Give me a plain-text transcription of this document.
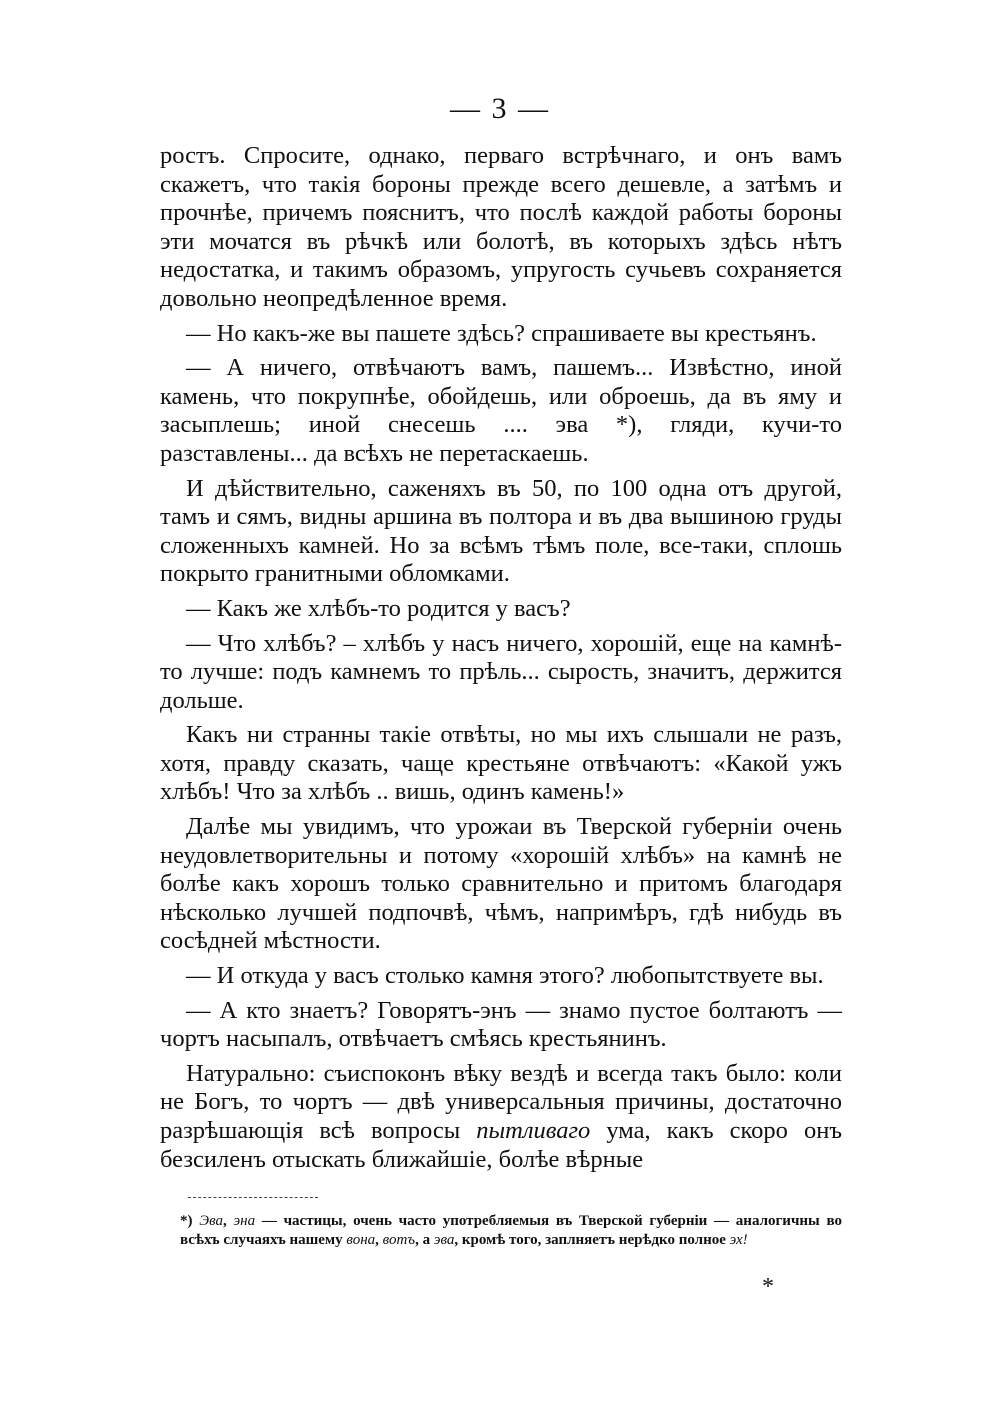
— 3 —

ростъ. Спросите, однако, перваго встрѣчнаго, и онъ вамъ скажетъ, что такія бороны прежде всего дешевле, а затѣмъ и прочнѣе, причемъ пояснитъ, что послѣ каждой работы бороны эти мочатся въ рѣчкѣ или болотѣ, въ которыхъ здѣсь нѣтъ недостатка, и такимъ образомъ, упругость сучьевъ сохраняется довольно неопредѣленное время.

— Но какъ-же вы пашете здѣсь? спрашиваете вы крестьянъ.

— А ничего, отвѣчаютъ вамъ, пашемъ... Извѣстно, иной камень, что покрупнѣе, обойдешь, или оброешь, да въ яму и засыплешь; иной снесешь .... эва *), гляди, кучи-то разставлены... да всѣхъ не перетаскаешь.

И дѣйствительно, саженяхъ въ 50, по 100 одна отъ другой, тамъ и сямъ, видны аршина въ полтора и въ два вышиною груды сложенныхъ камней. Но за всѣмъ тѣмъ поле, все-таки, сплошь покрыто гранитными обломками.

— Какъ же хлѣбъ-то родится у васъ?

— Что хлѣбъ? – хлѣбъ у насъ ничего, хорошій, еще на камнѣ-то лучше: подъ камнемъ то прѣль... сырость, значитъ, держится дольше.

Какъ ни странны такіе отвѣты, но мы ихъ слышали не разъ, хотя, правду сказать, чаще крестьяне отвѣчаютъ: «Какой ужъ хлѣбъ! Что за хлѣбъ .. вишь, одинъ камень!»

Далѣе мы увидимъ, что урожаи въ Тверской губерніи очень неудовлетворительны и потому «хорошій хлѣбъ» на камнѣ не болѣе какъ хорошъ только сравнительно и притомъ благодаря нѣсколько лучшей подпочвѣ, чѣмъ, напримѣръ, гдѣ нибудь въ сосѣдней мѣстности.

— И откуда у васъ столько камня этого? любопытствуете вы.

— А кто знаетъ? Говорятъ-энъ — знамо пустое болтаютъ — чортъ насыпалъ, отвѣчаетъ смѣясь крестьянинъ.

Натурально: съиспоконъ вѣку вездѣ и всегда такъ было: коли не Богъ, то чортъ — двѣ универсальныя причины, достаточно разрѣшающія всѣ вопросы пытливаго ума, какъ скоро онъ безсиленъ отыскать ближайшіе, болѣе вѣрные

*) Эва, эна — частицы, очень часто употребляемыя въ Тверской губерніи — аналогичны во всѣхъ случаяхъ нашему вона, вотъ, а эва, кромѣ того, заплняетъ нерѣдко полное эх!
*
